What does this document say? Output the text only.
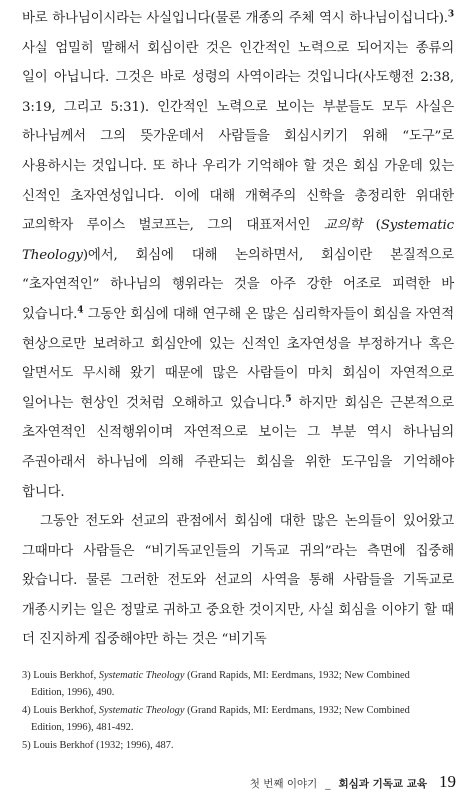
바로 하나님이시라는 사실입니다(물론 개종의 주체 역시 하나님이십니다).$^3$ 사실 엄밀히 말해서 회심이란 것은 인간적인 노력으로 되어지는 종류의 일이 아닙니다. 그것은 바로 성령의 사역이라는 것입니다(사도행전 2:38, 3:19, 그리고 5:31). 인간적인 노력으로 보이는 부분들도 모두 사실은 하나님께서 그의 뜻가운데서 사람들을 회심시키기 위해 “도구”로 사용하시는 것입니다. 또 하나 우리가 기억해야 할 것은 회심 가운데 있는 신적인 초자연성입니다. 이에 대해 개혁주의 신학을 총정리한 위대한 교의학자 루이스 벌코프는, 그의 대표저서인 교의학 (Systematic Theology)에서, 회심에 대해 논의하면서, 회심이란 본질적으로 “초자연적인” 하나님의 행위라는 것을 아주 강한 어조로 피력한 바 있습니다.$^4$ 그동안 회심에 대해 연구해 온 많은 심리학자들이 회심을 자연적 현상으로만 보려하고 회심안에 있는 신적인 초자연성을 부정하거나 혹은 알면서도 무시해 왔기 때문에 많은 사람들이 마치 회심이 자연적으로 일어나는 현상인 것처럼 오해하고 있습니다.$^5$ 하지만 회심은 근본적으로 초자연적인 신적행위이며 자연적으로 보이는 그 부분 역시 하나님의 주권아래서 하나님에 의해 주관되는 회심을 위한 도구임을 기억해야 합니다.

그동안 전도와 선교의 관점에서 회심에 대한 많은 논의들이 있어왔고 그때마다 사람들은 “비기독교인들의 기독교 귀의”라는 측면에 집중해 왔습니다. 물론 그러한 전도와 선교의 사역을 통해 사람들을 기독교로 개종시키는 일은 정말로 귀하고 중요한 것이지만, 사실 회심을 이야기 할 때 더 진지하게 집중해야만 하는 것은 “비기독

3) Louis Berkhof, Systematic Theology (Grand Rapids, MI: Eerdmans, 1932; New Combined
Edition, 1996), 490.

4) Louis Berkhof, Systematic Theology (Grand Rapids, MI: Eerdmans, 1932; New Combined
Edition, 1996), 481-492.

5) Louis Berkhof (1932; 1996), 487.

첫 번째 이야기 _ 회심과 기독교 교육 19
